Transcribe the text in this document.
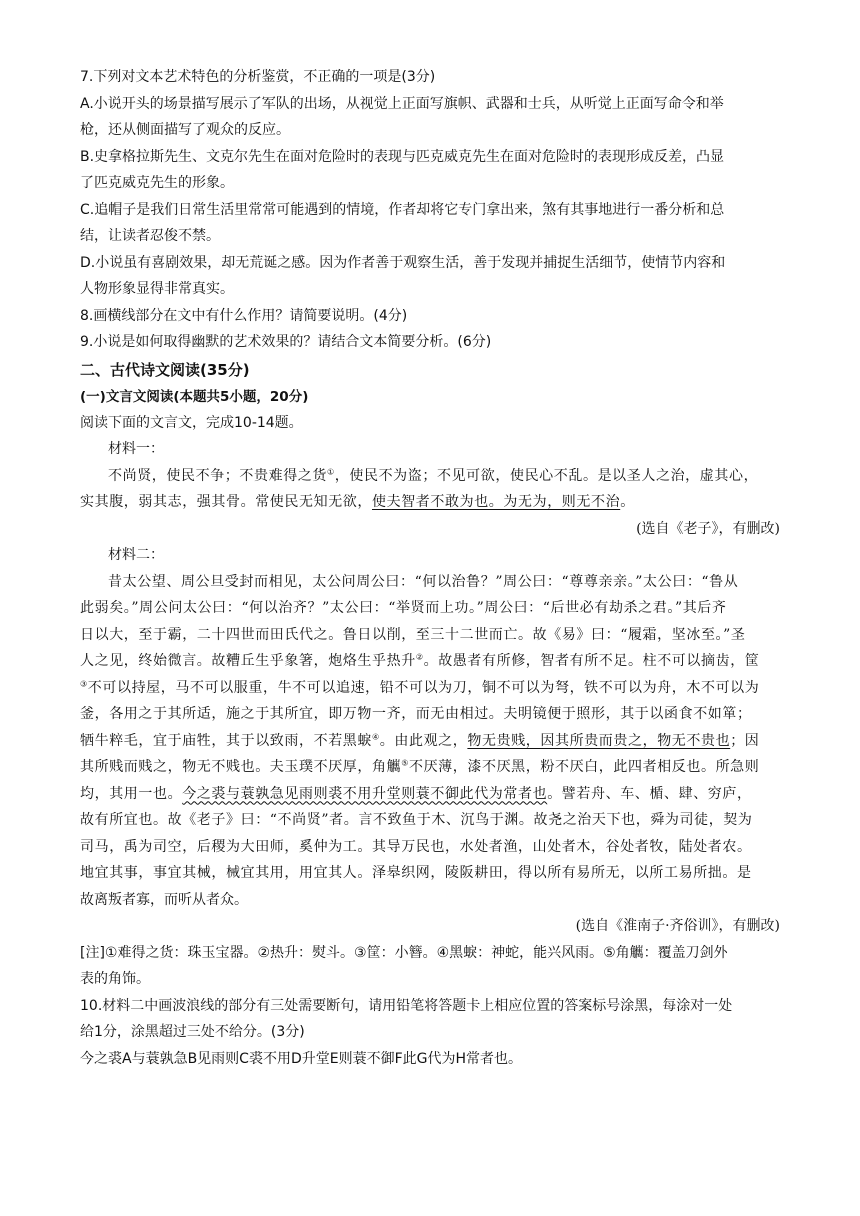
7.下列对文本艺术特色的分析鉴赏，不正确的一项是(3分)
A.小说开头的场景描写展示了军队的出场，从视觉上正面写旗帜、武器和士兵，从听觉上正面写命令和举
枪，还从侧面描写了观众的反应。
B.史拿格拉斯先生、文克尔先生在面对危险时的表现与匹克威克先生在面对危险时的表现形成反差，凸显
了匹克威克先生的形象。
C.追帽子是我们日常生活里常常可能遇到的情境，作者却将它专门拿出来，煞有其事地进行一番分析和总
结，让读者忍俊不禁。
D.小说虽有喜剧效果，却无荒诞之感。因为作者善于观察生活，善于发现并捕捉生活细节，使情节内容和
人物形象显得非常真实。
8.画横线部分在文中有什么作用？请简要说明。(4分)
9.小说是如何取得幽默的艺术效果的？请结合文本简要分析。(6分)
二、古代诗文阅读(35分)
(一)文言文阅读(本题共5小题，20分)
阅读下面的文言文，完成10-14题。
材料一：
不尚贤，使民不争；不贵难得之货①，使民不为盗；不见可欲，使民心不乱。是以圣人之治，虚其心，
实其腹，弱其志，强其骨。常使民无知无欲，使夫智者不敢为也。为无为，则无不治。
(选自《老子》，有删改)
材料二：
昔太公望、周公旦受封而相见，太公问周公曰：“何以治鲁？”周公曰：“尊尊亲亲。”太公曰：“鲁从
此弱矣。”周公问太公曰：“何以治齐？”太公曰：“举贤而上功。”周公曰：“后世必有劫杀之君。”其后齐
日以大，至于霸，二十四世而田氏代之。鲁日以削，至三十二世而亡。故《易》曰：“履霜，坚冰至。”圣
人之见，终始微言。故糟丘生乎象箸，炮烙生乎热升②。故愚者有所修，智者有所不足。柱不可以摘齿，筐
③不可以持屋，马不可以服重，牛不可以追速，铅不可以为刀，铜不可以为弩，铁不可以为舟，木不可以为
釜，各用之于其所适，施之于其所宜，即万物一齐，而无由相过。夫明镜便于照形，其于以函食不如箪；
牺牛粹毛，宜于庙牲，其于以致雨，不若黑蜧④。由此观之，物无贵贱，因其所贵而贵之，物无不贵也；因
其所贱而贱之，物无不贱也。夫玉璞不厌厚，角觽⑤不厌薄，漆不厌黑，粉不厌白，此四者相反也。所急则
均，其用一也。今之裘与蓑孰急见雨则裘不用升堂则蓑不御此代为常者也。譬若舟、车、楯、肆、穷庐，
故有所宜也。故《老子》曰：“不尚贤”者。言不致鱼于木、沉鸟于渊。故尧之治天下也，舜为司徒，契为
司马，禹为司空，后稷为大田师，奚仲为工。其导万民也，水处者渔，山处者木，谷处者牧，陆处者农。
地宜其事，事宜其械，械宜其用，用宜其人。泽皋织网，陵阪耕田，得以所有易所无，以所工易所拙。是
故离叛者寡，而听从者众。
(选自《淮南子·齐俗训》，有删改)
[注]①难得之货：珠玉宝器。②热升：熨斗。③筐：小簪。④黑蜧：神蛇，能兴风雨。⑤角觽：覆盖刀剑外
表的角饰。
10.材料二中画波浪线的部分有三处需要断句，请用铅笔将答题卡上相应位置的答案标号涂黑，每涂对一处
给1分，涂黑超过三处不给分。(3分)
今之裘A与蓑孰急B见雨则C裘不用D升堂E则蓑不御F此G代为H常者也。
